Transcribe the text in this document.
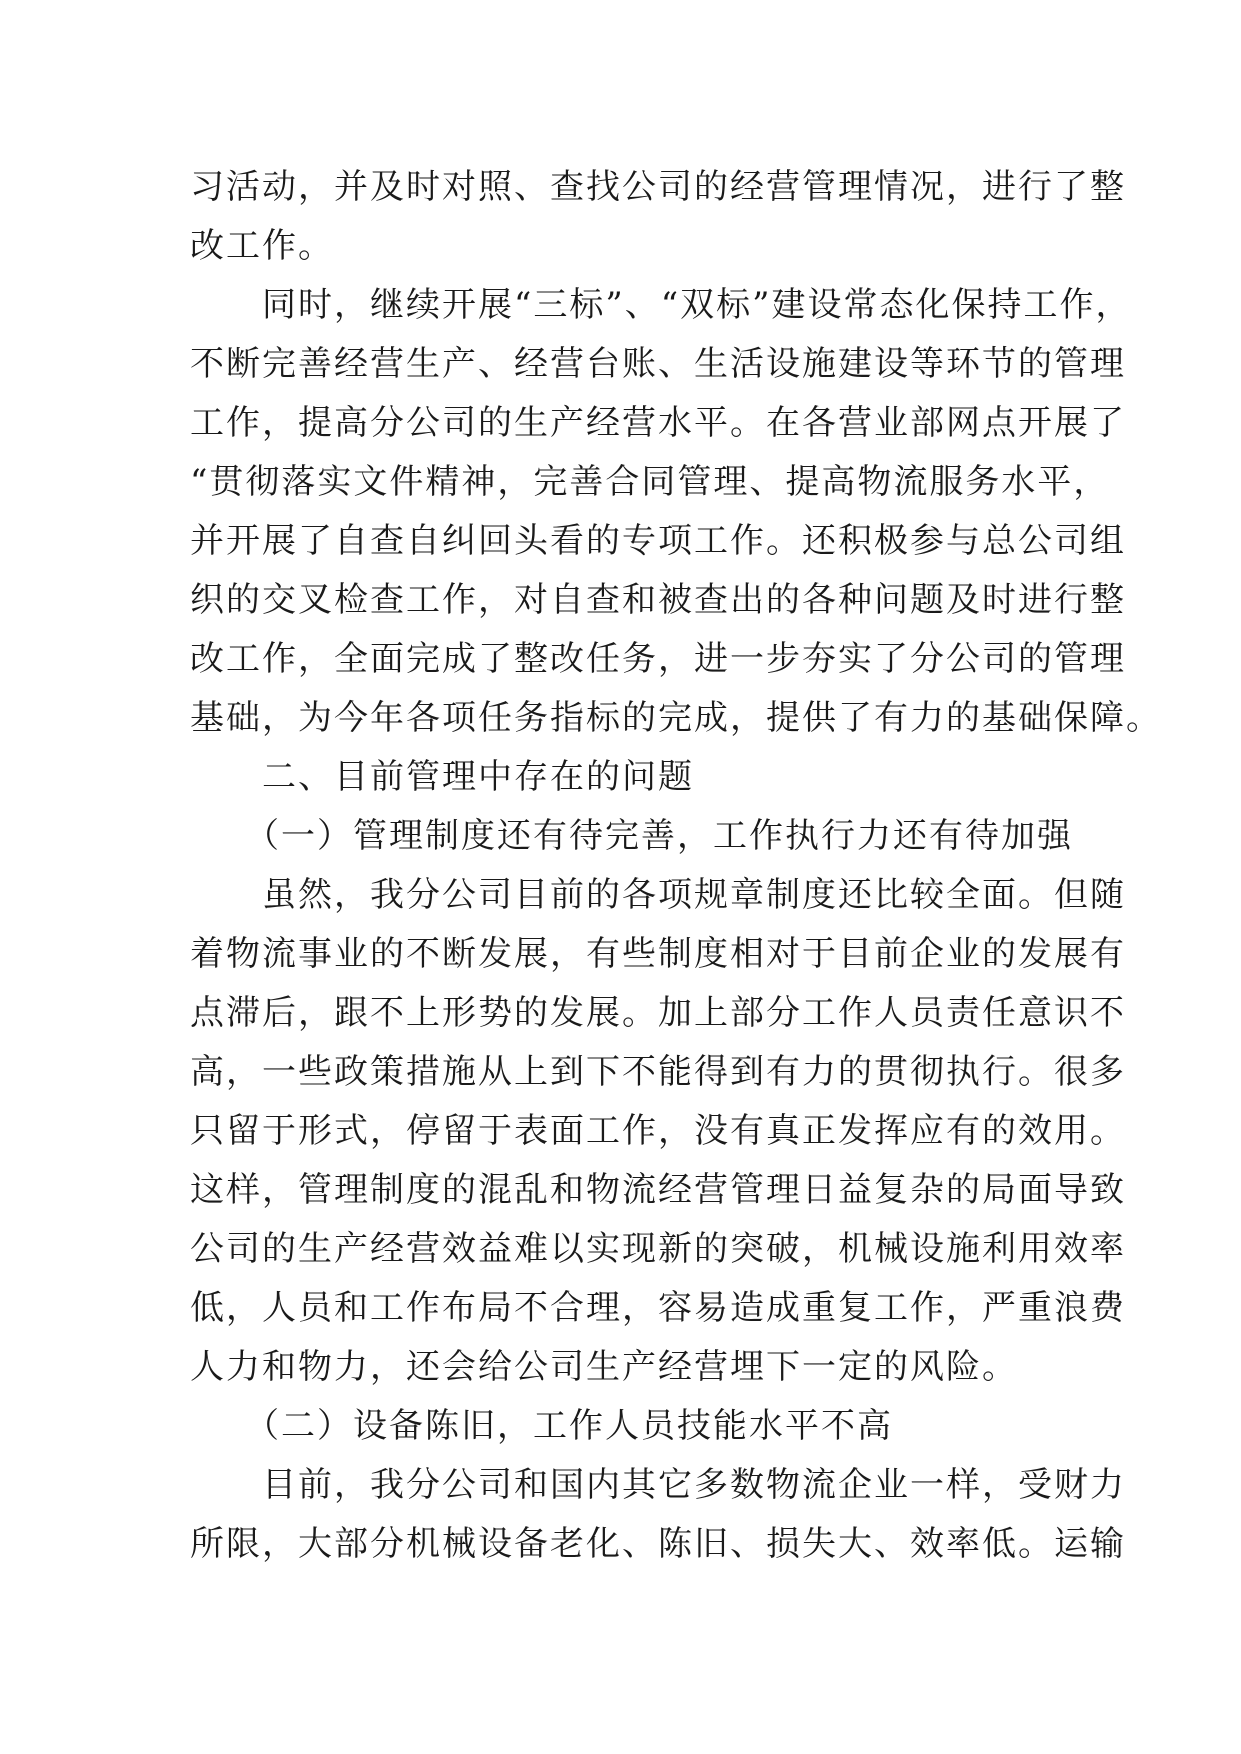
习活动，并及时对照、查找公司的经营管理情况，进行了整
改工作。
　　同时，继续开展“三标”、“双标”建设常态化保持工作，
不断完善经营生产、经营台账、生活设施建设等环节的管理
工作，提高分公司的生产经营水平。在各营业部网点开展了
“贯彻落实文件精神，完善合同管理、提高物流服务水平，
并开展了自查自纠回头看的专项工作。还积极参与总公司组
织的交叉检查工作，对自查和被查出的各种问题及时进行整
改工作，全面完成了整改任务，进一步夯实了分公司的管理
基础，为今年各项任务指标的完成，提供了有力的基础保障。
　　二、目前管理中存在的问题
　　（一）管理制度还有待完善，工作执行力还有待加强
　　虽然，我分公司目前的各项规章制度还比较全面。但随
着物流事业的不断发展，有些制度相对于目前企业的发展有
点滞后，跟不上形势的发展。加上部分工作人员责任意识不
高，一些政策措施从上到下不能得到有力的贯彻执行。很多
只留于形式，停留于表面工作，没有真正发挥应有的效用。
这样，管理制度的混乱和物流经营管理日益复杂的局面导致
公司的生产经营效益难以实现新的突破，机械设施利用效率
低，人员和工作布局不合理，容易造成重复工作，严重浪费
人力和物力，还会给公司生产经营埋下一定的风险。
　　（二）设备陈旧，工作人员技能水平不高
　　目前，我分公司和国内其它多数物流企业一样，受财力
所限，大部分机械设备老化、陈旧、损失大、效率低。运输
